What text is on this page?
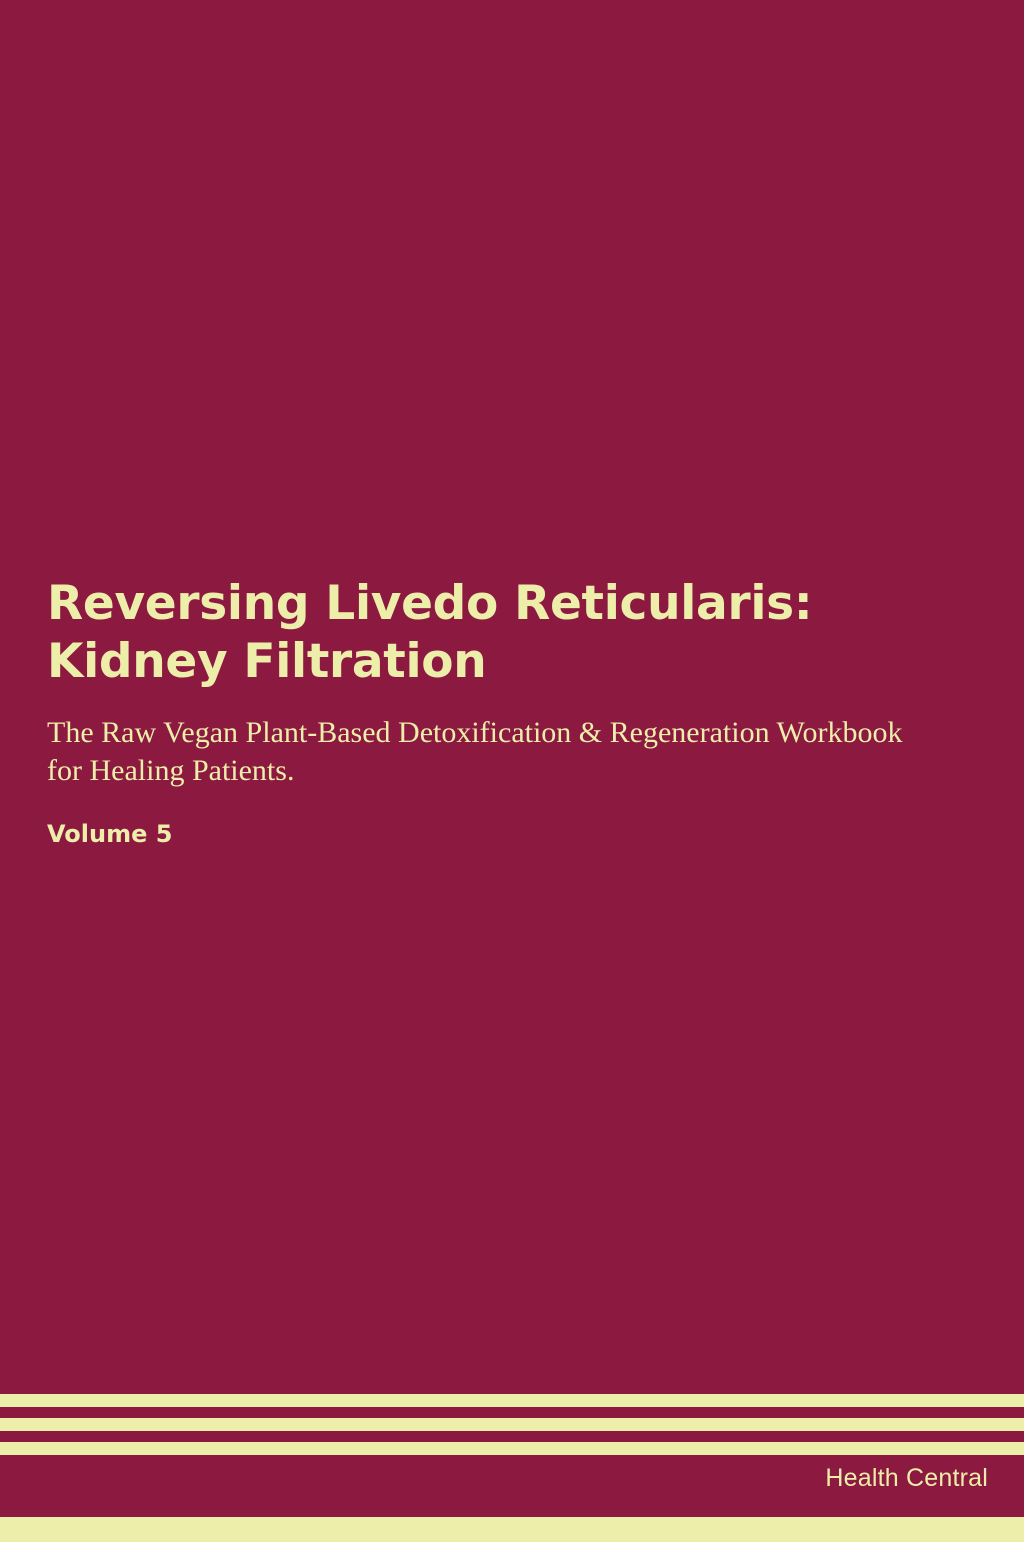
Reversing Livedo Reticularis: Kidney Filtration

The Raw Vegan Plant-Based Detoxification & Regeneration Workbook for Healing Patients.

Volume 5

Health Central
